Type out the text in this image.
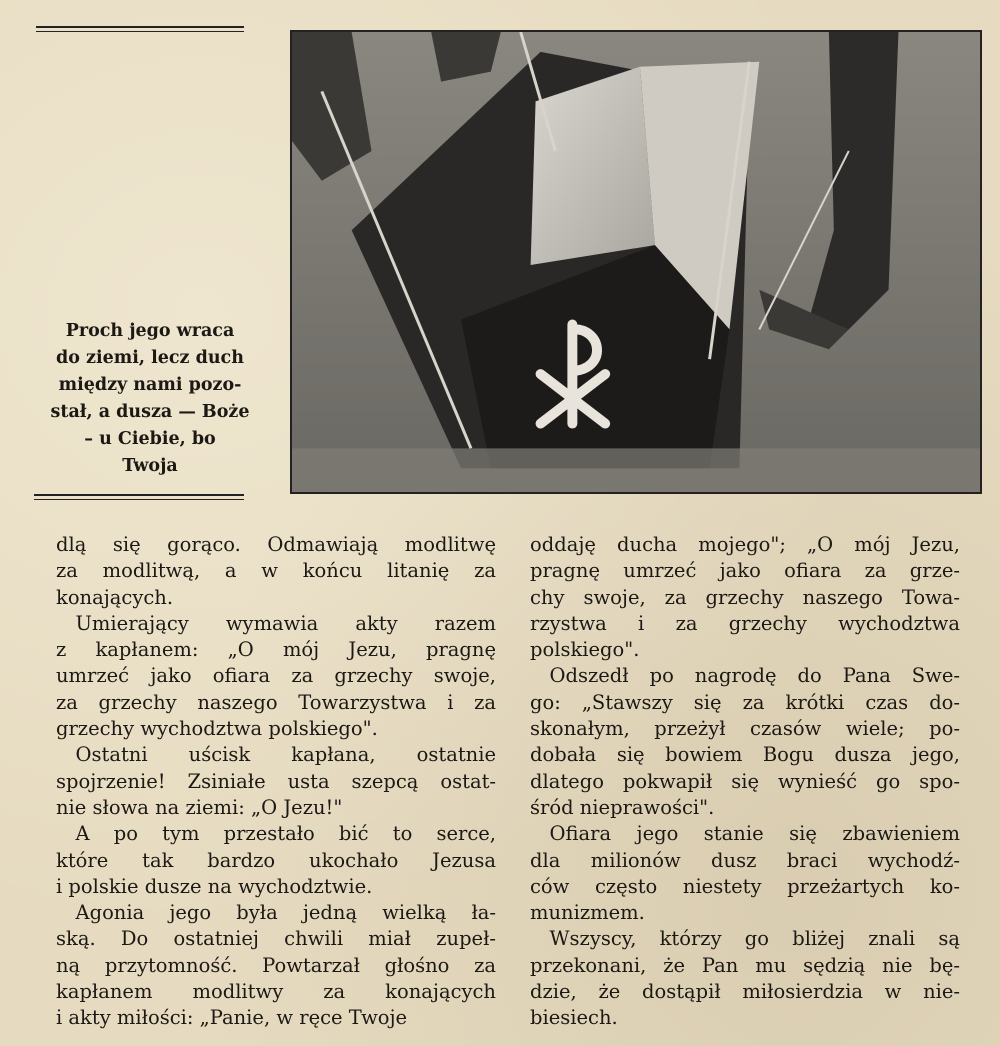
Proch jego wraca
do ziemi, lecz duch
między nami pozo-
stał, a dusza — Boże
– u Ciebie, bo
Twoja
dlą się gorąco. Odmawiają modlitwę
za modlitwą, a w końcu litanię za
konających.
 Umierający wymawia akty razem
z kapłanem: „O mój Jezu, pragnę
umrzeć jako ofiara za grzechy swoje,
za grzechy naszego Towarzystwa i za
grzechy wychodztwa polskiego".
 Ostatni uścisk kapłana, ostatnie
spojrzenie! Zsiniałe usta szepcą ostat-
nie słowa na ziemi: „O Jezu!"
 A po tym przestało bić to serce,
które tak bardzo ukochało Jezusa
i polskie dusze na wychodztwie.
 Agonia jego była jedną wielką ła-
ską. Do ostatniej chwili miał zupeł-
ną przytomność. Powtarzał głośno za
kapłanem modlitwy za konających
i akty miłości: „Panie, w ręce Twoje
oddaję ducha mojego"; „O mój Jezu,
pragnę umrzeć jako ofiara za grze-
chy swoje, za grzechy naszego Towa-
rzystwa i za grzechy wychodztwa
polskiego".
 Odszedł po nagrodę do Pana Swe-
go: „Stawszy się za krótki czas do-
skonałym, przeżył czasów wiele; po-
dobała się bowiem Bogu dusza jego,
dlatego pokwapił się wynieść go spo-
śród nieprawości".
 Ofiara jego stanie się zbawieniem
dla milionów dusz braci wychodź-
ców często niestety przeżartych ko-
munizmem.
 Wszyscy, którzy go bliżej znali są
przekonani, że Pan mu sędzią nie bę-
dzie, że dostąpił miłosierdzia w nie-
biesiech.
